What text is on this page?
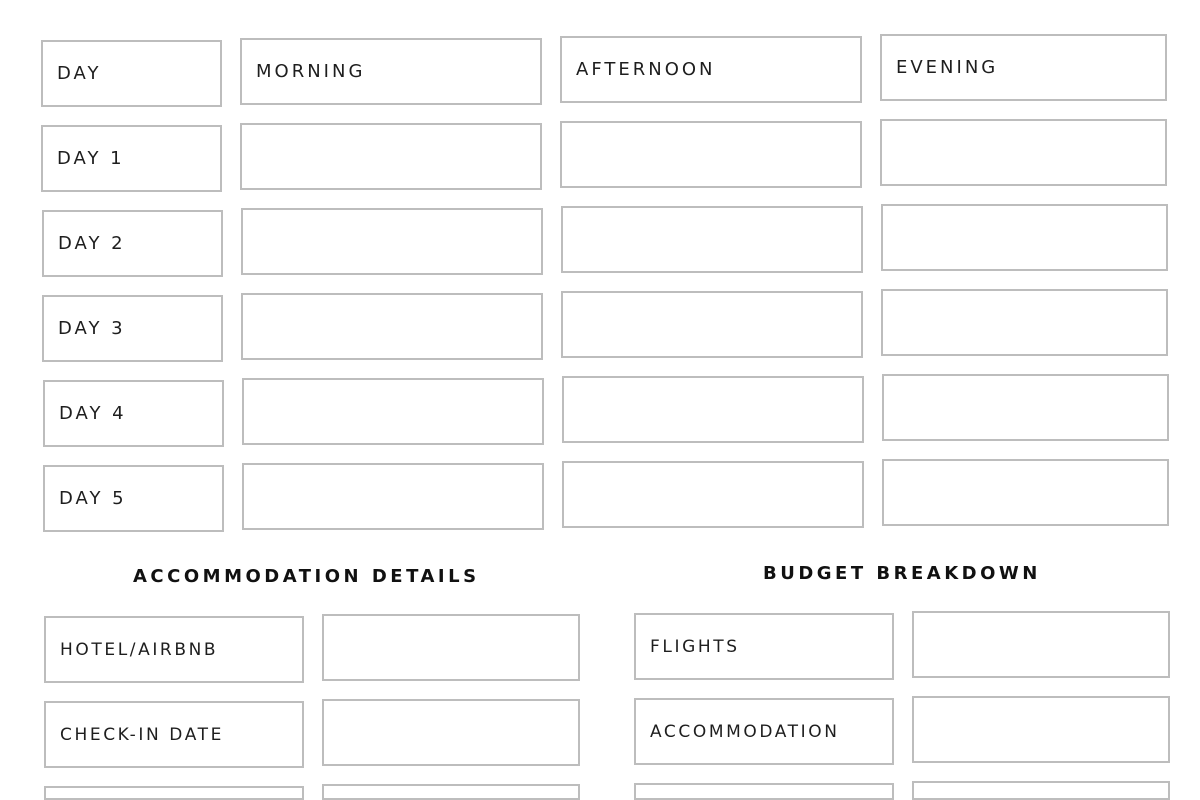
DAY	MORNING	AFTERNOON	EVENING
DAY 1
DAY 2
DAY 3
DAY 4
DAY 5
ACCOMMODATION DETAILS	BUDGET BREAKDOWN
HOTEL/AIRBNB
CHECK-IN DATE
FLIGHTS
ACCOMMODATION
